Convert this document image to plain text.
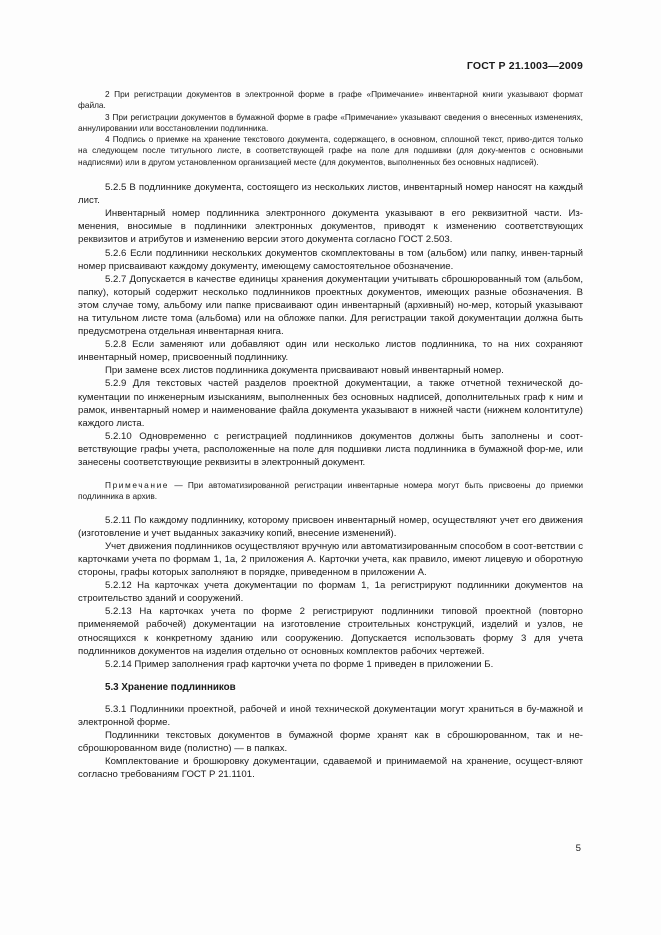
ГОСТ Р 21.1003—2009

2 При регистрации документов в электронной форме в графе «Примечание» инвентарной книги указывают формат файла.

3 При регистрации документов в бумажной форме в графе «Примечание» указывают сведения о внесенных изменениях, аннулировании или восстановлении подлинника.

4 Подпись о приемке на хранение текстового документа, содержащего, в основном, сплошной текст, приво-дится только на следующем после титульного листе, в соответствующей графе на поле для подшивки (для доку-ментов с основными надписями) или в другом установленном организацией месте (для документов, выполненных без основных надписей).

5.2.5 В подлиннике документа, состоящего из нескольких листов, инвентарный номер наносят на каждый лист.

Инвентарный номер подлинника электронного документа указывают в его реквизитной части. Из-менения, вносимые в подлинники электронных документов, приводят к изменению соответствующих реквизитов и атрибутов и изменению версии этого документа согласно ГОСТ 2.503.

5.2.6 Если подлинники нескольких документов скомплектованы в том (альбом) или папку, инвен-тарный номер присваивают каждому документу, имеющему самостоятельное обозначение.

5.2.7 Допускается в качестве единицы хранения документации учитывать сброшюрованный том (альбом, папку), который содержит несколько подлинников проектных документов, имеющих разные обозначения. В этом случае тому, альбому или папке присваивают один инвентарный (архивный) но-мер, который указывают на титульном листе тома (альбома) или на обложке папки. Для регистрации такой документации должна быть предусмотрена отдельная инвентарная книга.

5.2.8 Если заменяют или добавляют один или несколько листов подлинника, то на них сохраняют инвентарный номер, присвоенный подлиннику.

При замене всех листов подлинника документа присваивают новый инвентарный номер.

5.2.9 Для текстовых частей разделов проектной документации, а также отчетной технической до-кументации по инженерным изысканиям, выполненных без основных надписей, дополнительных граф к ним и рамок, инвентарный номер и наименование файла документа указывают в нижней части (нижнем колонтитуле) каждого листа.

5.2.10 Одновременно с регистрацией подлинников документов должны быть заполнены и соот-ветствующие графы учета, расположенные на поле для подшивки листа подлинника в бумажной фор-ме, или занесены соответствующие реквизиты в электронный документ.

Примечание — При автоматизированной регистрации инвентарные номера могут быть присвоены до приемки подлинника в архив.

5.2.11 По каждому подлиннику, которому присвоен инвентарный номер, осуществляют учет его движения (изготовление и учет выданных заказчику копий, внесение изменений).

Учет движения подлинников осуществляют вручную или автоматизированным способом в соот-ветствии с карточками учета по формам 1, 1а, 2 приложения А. Карточки учета, как правило, имеют лицевую и оборотную стороны, графы которых заполняют в порядке, приведенном в приложении А.

5.2.12 На карточках учета документации по формам 1, 1а регистрируют подлинники документов на строительство зданий и сооружений.

5.2.13 На карточках учета по форме 2 регистрируют подлинники типовой проектной (повторно применяемой рабочей) документации на изготовление строительных конструкций, изделий и узлов, не относящихся к конкретному зданию или сооружению. Допускается использовать форму 3 для учета подлинников документов на изделия отдельно от основных комплектов рабочих чертежей.

5.2.14 Пример заполнения граф карточки учета по форме 1 приведен в приложении Б.

5.3 Хранение подлинников

5.3.1 Подлинники проектной, рабочей и иной технической документации могут храниться в бу-мажной и электронной форме.

Подлинники текстовых документов в бумажной форме хранят как в сброшюрованном, так и не-сброшюрованном виде (полистно) — в папках.

Комплектование и брошюровку документации, сдаваемой и принимаемой на хранение, осущест-вляют согласно требованиям ГОСТ Р 21.1101.

5
